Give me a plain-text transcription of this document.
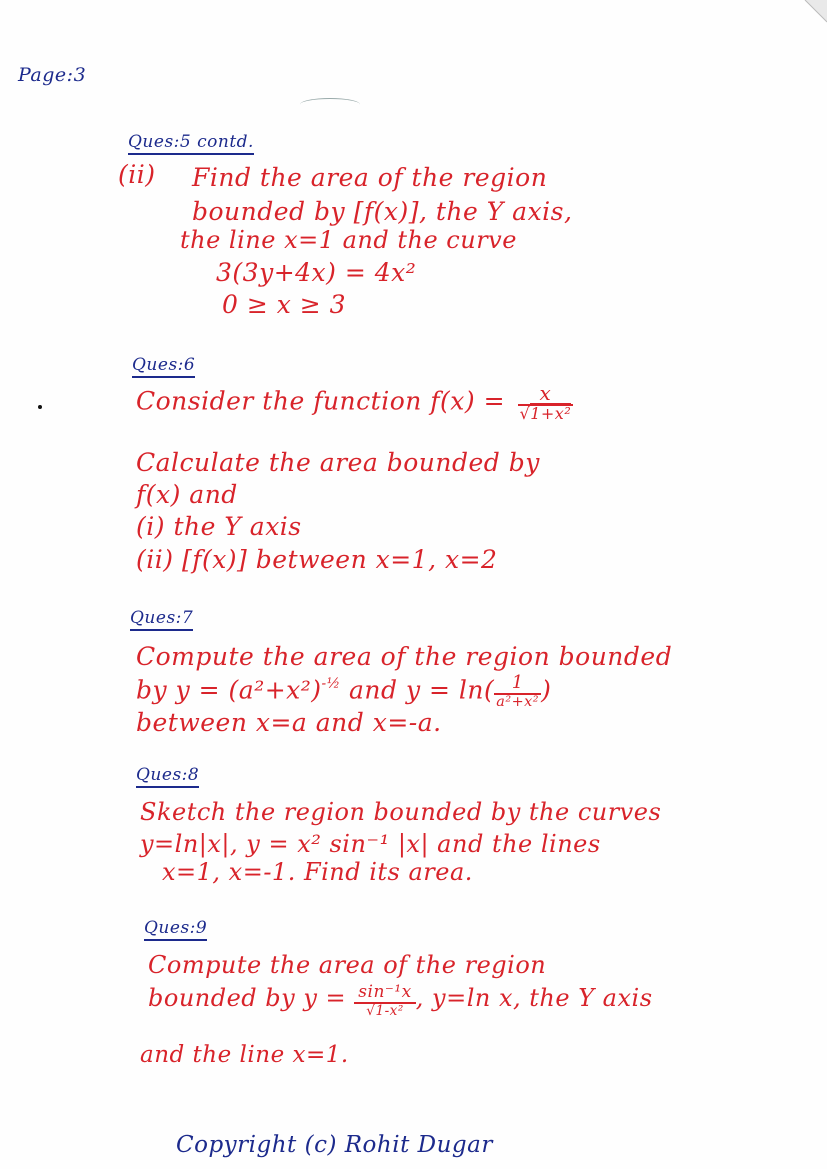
Page:3
Ques:5 contd.
(ii) Find the area of the region
bounded by [f(x)], the Y axis,
the line x=1 and the curve
3(3y+4x) = 4x²
0 ≥ x ≥ 3
Ques:6
Consider the function $f(x) = \frac{x}{\text{√1+x²}}$
Calculate the area bounded by
f(x) and
(i) the Y axis
(ii) [f(x)] between x=1, x=2
Ques:7
Compute the area of the region bounded
by $y = (a^2+x^2)^{-\frac{1}{2}}$ and $y = \ln( \frac{1}{\text{a²+x²}}$ )
between x=a and x=-a.
Ques:8
Sketch the region bounded by the curves
y=ln|x|, y = x² sin⁻¹ |x| and the lines
x=1, x=-1. Find its area.
Ques:9
Compute the area of the region
bounded by $y = \frac{\text{sin⁻¹x}}{\text{√1-x²}}$ , y=ln x, the Y axis
and the line x=1.
Copyright (c) Rohit Dugar
